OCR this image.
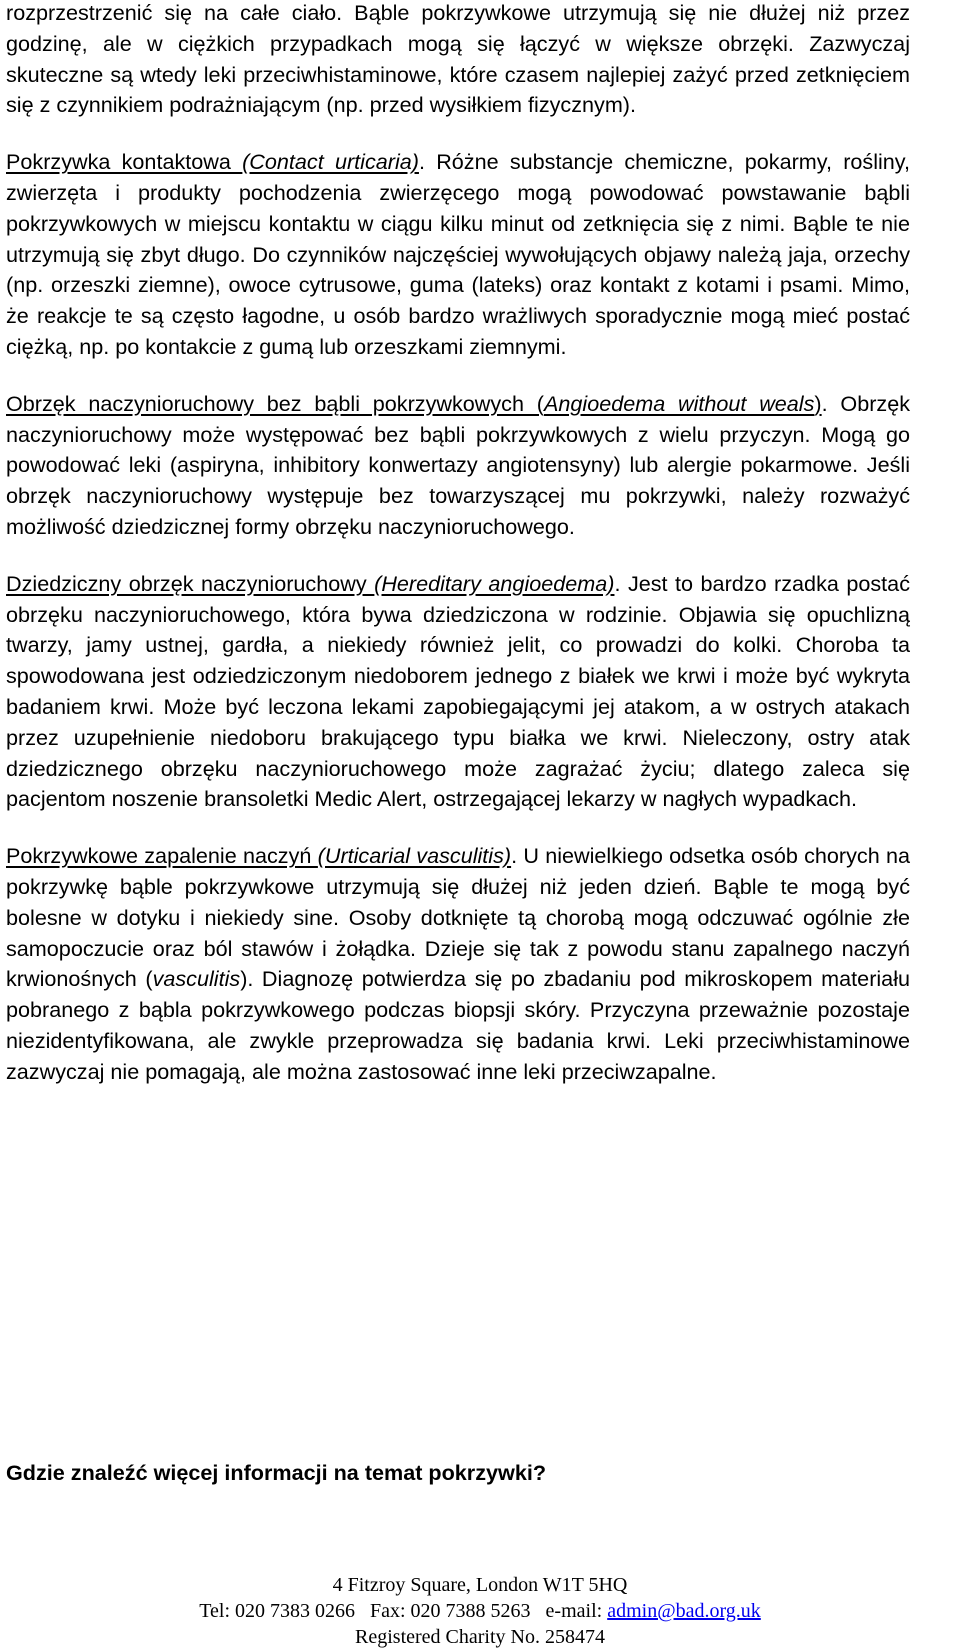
rozprzestrzenić się na całe ciało. Bąble pokrzywkowe utrzymują się nie dłużej niż przez godzinę, ale w ciężkich przypadkach mogą się łączyć w większe obrzęki. Zazwyczaj skuteczne są wtedy leki przeciwhistaminowe, które czasem najlepiej zażyć przed zetknięciem się z czynnikiem podrażniającym (np. przed wysiłkiem fizycznym).

Pokrzywka kontaktowa (Contact urticaria). Różne substancje chemiczne, pokarmy, rośliny, zwierzęta i produkty pochodzenia zwierzęcego mogą powodować powstawanie bąbli pokrzywkowych w miejscu kontaktu w ciągu kilku minut od zetknięcia się z nimi. Bąble te nie utrzymują się zbyt długo. Do czynników najczęściej wywołujących objawy należą jaja, orzechy (np. orzeszki ziemne), owoce cytrusowe, guma (lateks) oraz kontakt z kotami i psami. Mimo, że reakcje te są często łagodne, u osób bardzo wrażliwych sporadycznie mogą mieć postać ciężką, np. po kontakcie z gumą lub orzeszkami ziemnymi.

Obrzęk naczynioruchowy bez bąbli pokrzywkowych (Angioedema without weals). Obrzęk naczynioruchowy może występować bez bąbli pokrzywkowych z wielu przyczyn. Mogą go powodować leki (aspiryna, inhibitory konwertazy angiotensyny) lub alergie pokarmowe. Jeśli obrzęk naczynioruchowy występuje bez towarzyszącej mu pokrzywki, należy rozważyć możliwość dziedzicznej formy obrzęku naczynioruchowego.

Dziedziczny obrzęk naczynioruchowy (Hereditary angioedema). Jest to bardzo rzadka postać obrzęku naczynioruchowego, która bywa dziedziczona w rodzinie. Objawia się opuchlizną twarzy, jamy ustnej, gardła, a niekiedy również jelit, co prowadzi do kolki. Choroba ta spowodowana jest odziedziczonym niedoborem jednego z białek we krwi i może być wykryta badaniem krwi. Może być leczona lekami zapobiegającymi jej atakom, a w ostrych atakach przez uzupełnienie niedoboru brakującego typu białka we krwi. Nieleczony, ostry atak dziedzicznego obrzęku naczynioruchowego może zagrażać życiu; dlatego zaleca się pacjentom noszenie bransoletki Medic Alert, ostrzegającej lekarzy w nagłych wypadkach.

Pokrzywkowe zapalenie naczyń (Urticarial vasculitis). U niewielkiego odsetka osób chorych na pokrzywkę bąble pokrzywkowe utrzymują się dłużej niż jeden dzień. Bąble te mogą być bolesne w dotyku i niekiedy sine. Osoby dotknięte tą chorobą mogą odczuwać ogólnie złe samopoczucie oraz ból stawów i żołądka. Dzieje się tak z powodu stanu zapalnego naczyń krwionośnych (vasculitis). Diagnozę potwierdza się po zbadaniu pod mikroskopem materiału pobranego z bąbla pokrzywkowego podczas biopsji skóry. Przyczyna przeważnie pozostaje niezidentyfikowana, ale zwykle przeprowadza się badania krwi. Leki przeciwhistaminowe zazwyczaj nie pomagają, ale można zastosować inne leki przeciwzapalne.

Gdzie znaleźć więcej informacji na temat pokrzywki?
4 Fitzroy Square, London W1T 5HQ
Tel: 020 7383 0266   Fax: 020 7388 5263   e-mail: admin@bad.org.uk
Registered Charity No. 258474
